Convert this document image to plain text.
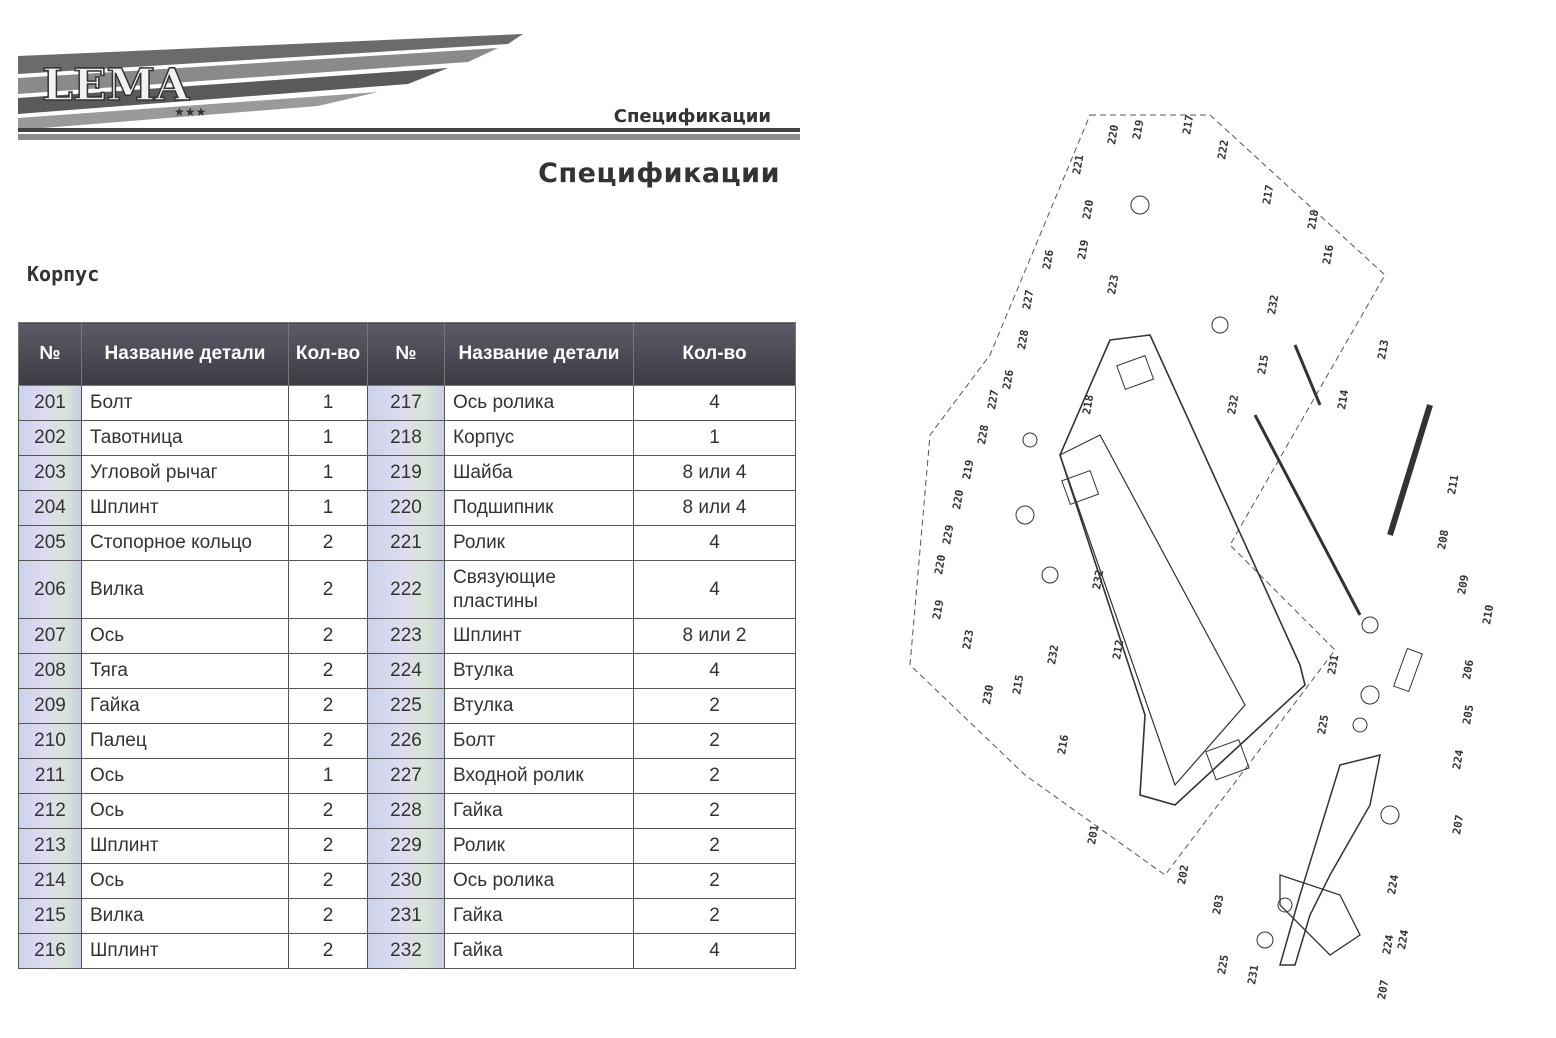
LEMA
★★★	Спецификации
Спецификации
Корпус
№	Название детали	Кол-во	№	Название детали	Кол-во
201	Болт	1	217	Ось ролика	4
202	Тавотница	1	218	Корпус	1
203	Угловой рычаг	1	219	Шайба	8 или 4
204	Шплинт	1	220	Подшипник	8 или 4
205	Стопорное кольцо	2	221	Ролик	4
206	Вилка	2	222	Связующие пластины	4
207	Ось	2	223	Шплинт	8 или 2
208	Тяга	2	224	Втулка	4
209	Гайка	2	225	Втулка	2
210	Палец	2	226	Болт	2
211	Ось	1	227	Входной ролик	2
212	Ось	2	228	Гайка	2
213	Шплинт	2	229	Ролик	2
214	Ось	2	230	Ось ролика	2
215	Вилка	2	231	Гайка	2
216	Шплинт	2	232	Гайка	4
220 219	217
221
222
220
219
217
218
216
223
232
226
227
228	213
215
232	214
226
227	218
228
219
220
229
211
208
220
219
232
223
209
212
210
231	206
232
230 215
225	205
216
224
207
201
224
202
203
224
225
224
231
207
